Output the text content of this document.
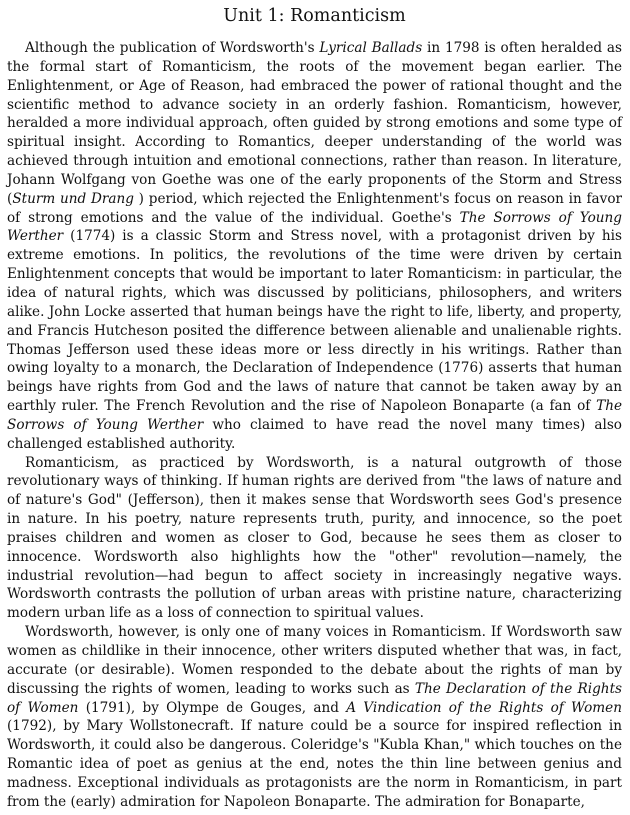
Unit 1: Romanticism

Although the publication of Wordsworth's Lyrical Ballads in 1798 is often heralded as the formal start of Romanticism, the roots of the movement began earlier. The Enlightenment, or Age of Reason, had embraced the power of rational thought and the scientific method to advance society in an orderly fashion. Romanticism, however, heralded a more individual approach, often guided by strong emotions and some type of spiritual insight. According to Romantics, deeper understanding of the world was achieved through intuition and emotional connections, rather than reason. In literature, Johann Wolfgang von Goethe was one of the early proponents of the Storm and Stress (Sturm und Drang ) period, which rejected the Enlightenment's focus on reason in favor of strong emotions and the value of the individual. Goethe's The Sorrows of Young Werther (1774) is a classic Storm and Stress novel, with a protagonist driven by his extreme emotions. In politics, the revolutions of the time were driven by certain Enlightenment concepts that would be important to later Romanticism: in particular, the idea of natural rights, which was discussed by politicians, philosophers, and writers alike. John Locke asserted that human beings have the right to life, liberty, and property, and Francis Hutcheson posited the difference between alienable and unalienable rights. Thomas Jefferson used these ideas more or less directly in his writings. Rather than owing loyalty to a monarch, the Declaration of Independence (1776) asserts that human beings have rights from God and the laws of nature that cannot be taken away by an earthly ruler. The French Revolution and the rise of Napoleon Bonaparte (a fan of The Sorrows of Young Werther who claimed to have read the novel many times) also challenged established authority.

Romanticism, as practiced by Wordsworth, is a natural outgrowth of those revolutionary ways of thinking. If human rights are derived from "the laws of nature and of nature's God" (Jefferson), then it makes sense that Wordsworth sees God's presence in nature. In his poetry, nature represents truth, purity, and innocence, so the poet praises children and women as closer to God, because he sees them as closer to innocence. Wordsworth also highlights how the "other" revolution—namely, the industrial revolution—had begun to affect society in increasingly negative ways. Wordsworth contrasts the pollution of urban areas with pristine nature, characterizing modern urban life as a loss of connection to spiritual values.

Wordsworth, however, is only one of many voices in Romanticism. If Wordsworth saw women as childlike in their innocence, other writers disputed whether that was, in fact, accurate (or desirable). Women responded to the debate about the rights of man by discussing the rights of women, leading to works such as The Declaration of the Rights of Women (1791), by Olympe de Gouges, and A Vindication of the Rights of Women (1792), by Mary Wollstonecraft. If nature could be a source for inspired reflection in Wordsworth, it could also be dangerous. Coleridge's "Kubla Khan," which touches on the Romantic idea of poet as genius at the end, notes the thin line between genius and madness. Exceptional individuals as protagonists are the norm in Romanticism, in part from the (early) admiration for Napoleon Bonaparte. The admiration for Bonaparte,
